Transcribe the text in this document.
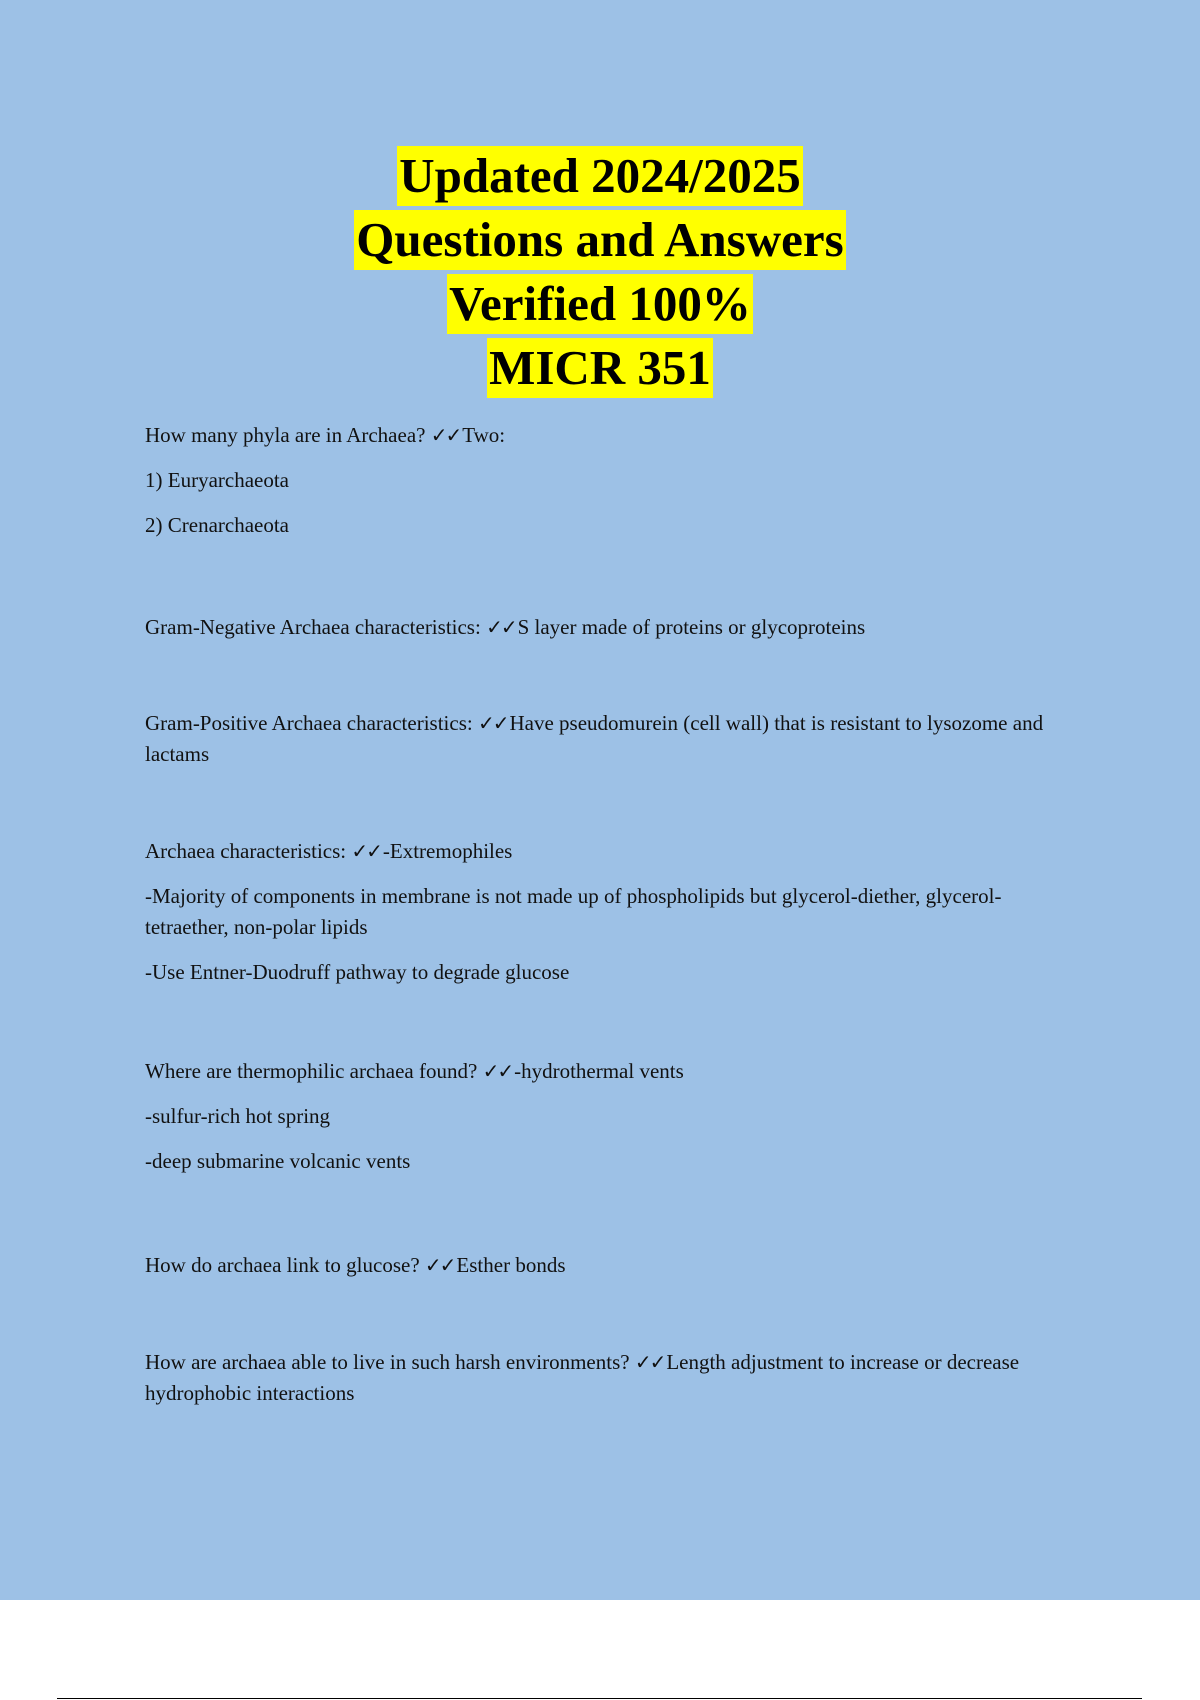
Updated 2024/2025
Questions and Answers
Verified 100%
MICR 351

How many phyla are in Archaea? ✓✓Two:

1) Euryarchaeota

2) Crenarchaeota

Gram-Negative Archaea characteristics: ✓✓S layer made of proteins or glycoproteins

Gram-Positive Archaea characteristics: ✓✓Have pseudomurein (cell wall) that is resistant to lysozome and lactams

Archaea characteristics: ✓✓-Extremophiles

-Majority of components in membrane is not made up of phospholipids but glycerol-diether, glycerol-tetraether, non-polar lipids

-Use Entner-Duodruff pathway to degrade glucose

Where are thermophilic archaea found? ✓✓-hydrothermal vents

-sulfur-rich hot spring

-deep submarine volcanic vents

How do archaea link to glucose? ✓✓Esther bonds

How are archaea able to live in such harsh environments? ✓✓Length adjustment to increase or decrease hydrophobic interactions
